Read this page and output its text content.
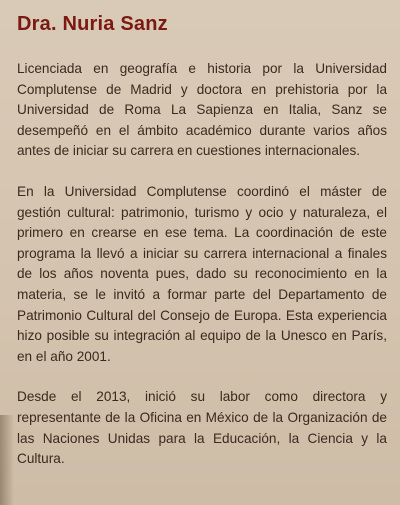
Dra. Nuria Sanz

Licenciada en geografía e historia por la Universidad Complutense de Madrid y doctora en prehistoria por la Universidad de Roma La Sapienza en Italia, Sanz se desempeñó en el ámbito académico durante varios años antes de iniciar su carrera en cuestiones internacionales.

En la Universidad Complutense coordinó el máster de gestión cultural: patrimonio, turismo y ocio y naturaleza, el primero en crearse en ese tema. La coordinación de este programa la llevó a iniciar su carrera internacional a finales de los años noventa pues, dado su reconocimiento en la materia, se le invitó a formar parte del Departamento de Patrimonio Cultural del Consejo de Europa. Esta experiencia hizo posible su integración al equipo de la Unesco en París, en el año 2001.

Desde el 2013, inició su labor como directora y representante de la Oficina en México de la Organización de las Naciones Unidas para la Educación, la Ciencia y la Cultura.
